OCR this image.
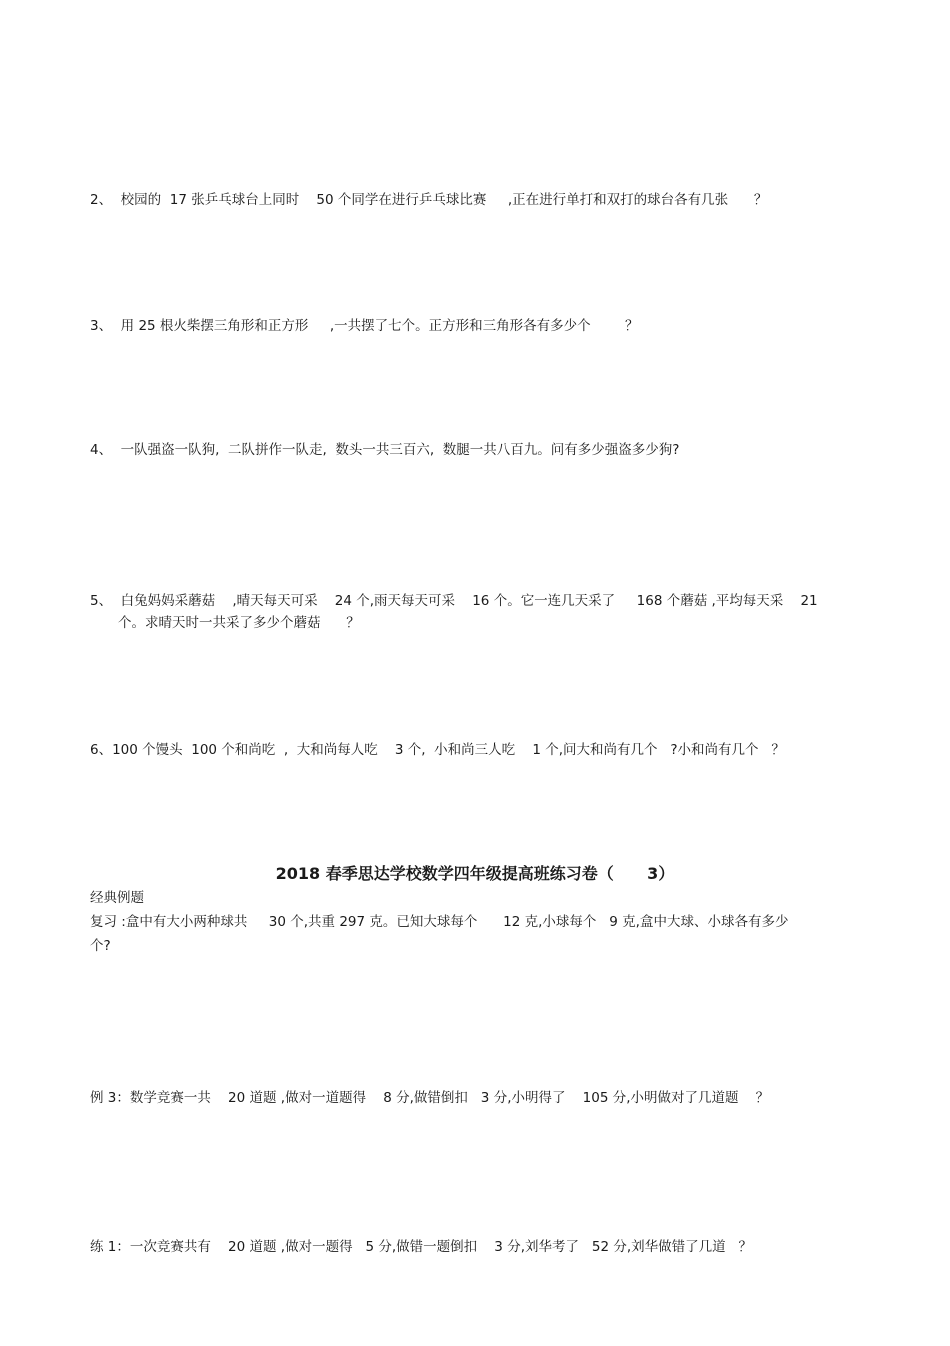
2、  校园的  17 张乒乓球台上同时    50 个同学在进行乒乓球比赛     ,正在进行单打和双打的球台各有几张      ？
3、  用 25 根火柴摆三角形和正方形     ,一共摆了七个。正方形和三角形各有多少个        ？
4、  一队强盗一队狗,  二队拼作一队走,  数头一共三百六,  数腿一共八百九。问有多少强盗多少狗?
5、  白兔妈妈采蘑菇    ,晴天每天可采    24 个,雨天每天可采    16 个。它一连几天采了     168 个蘑菇 ,平均每天采    21
个。求晴天时一共采了多少个蘑菇      ？
6、100 个馒头  100 个和尚吃  ,  大和尚每人吃    3 个,  小和尚三人吃    1 个,问大和尚有几个   ?小和尚有几个   ？
2018 春季思达学校数学四年级提高班练习卷（      3）
经典例题
复习 :盒中有大小两种球共     30 个,共重 297 克。已知大球每个      12 克,小球每个   9 克,盒中大球、小球各有多少
个?
例 3：数学竞赛一共    20 道题 ,做对一道题得    8 分,做错倒扣   3 分,小明得了    105 分,小明做对了几道题    ？
练 1：一次竞赛共有    20 道题 ,做对一题得   5 分,做错一题倒扣    3 分,刘华考了   52 分,刘华做错了几道   ？
